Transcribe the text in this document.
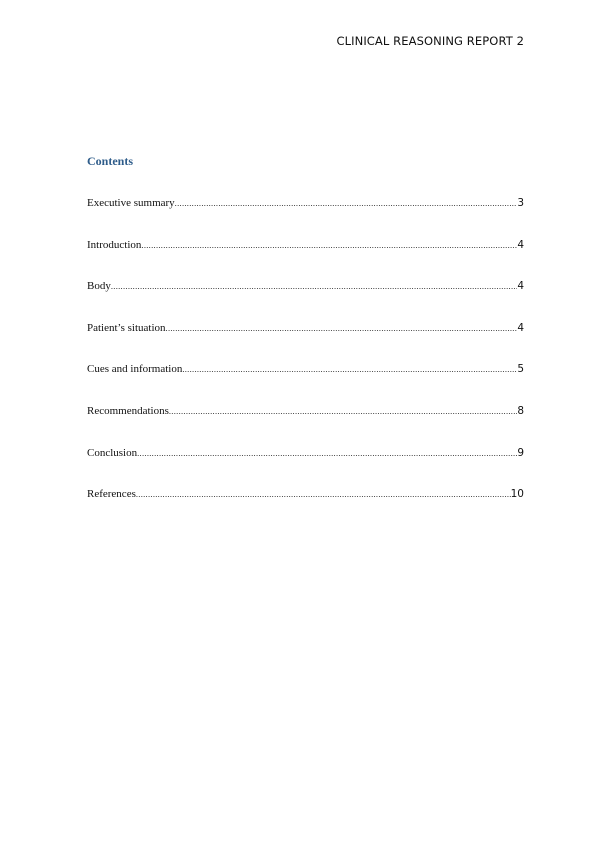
CLINICAL REASONING REPORT 2
Contents
Executive summary .....	3
Introduction .....	4
Body .....	4
Patient’s situation .....	4
Cues and information .....	5
Recommendations .....	8
Conclusion .....	9
References .....	10
